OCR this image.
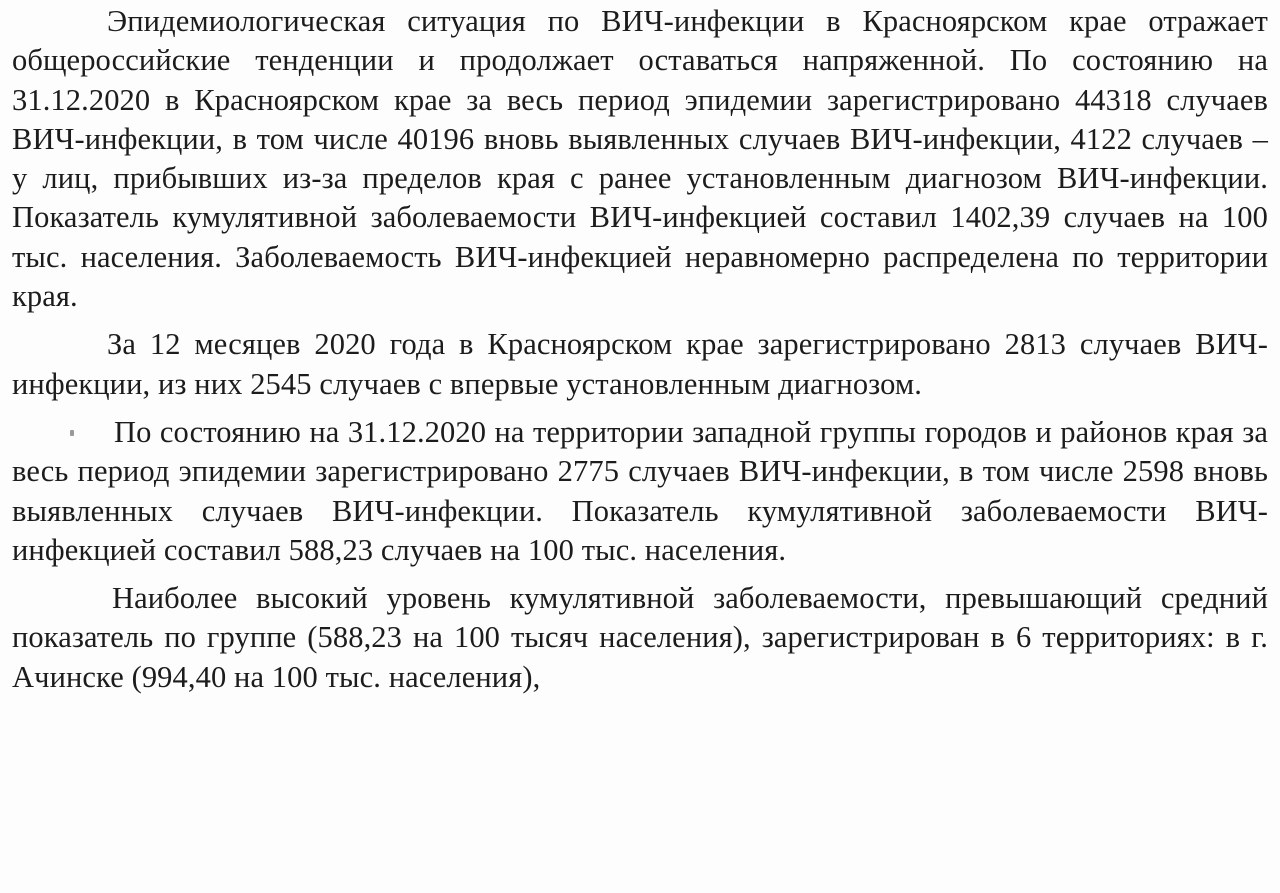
Эпидемиологическая ситуация по ВИЧ-инфекции в Красноярском крае отражает общероссийские тенденции и продолжает оставаться напряженной. По состоянию на 31.12.2020 в Красноярском крае за весь период эпидемии зарегистрировано 44318 случаев ВИЧ-инфекции, в том числе 40196 вновь выявленных случаев ВИЧ-инфекции, 4122 случаев – у лиц, прибывших из-за пределов края с ранее установленным диагнозом ВИЧ-инфекции. Показатель кумулятивной заболеваемости ВИЧ-инфекцией составил 1402,39 случаев на 100 тыс. населения. Заболеваемость ВИЧ-инфекцией неравномерно распределена по территории края.

За 12 месяцев 2020 года в Красноярском крае зарегистрировано 2813 случаев ВИЧ-инфекции, из них 2545 случаев с впервые установленным диагнозом.

По состоянию на 31.12.2020 на территории западной группы городов и районов края за весь период эпидемии зарегистрировано 2775 случаев ВИЧ-инфекции, в том числе 2598 вновь выявленных случаев ВИЧ-инфекции. Показатель кумулятивной заболеваемости ВИЧ-инфекцией составил 588,23 случаев на 100 тыс. населения.

Наиболее высокий уровень кумулятивной заболеваемости, превышающий средний показатель по группе (588,23 на 100 тысяч населения), зарегистрирован в 6 территориях: в г. Ачинске (994,40 на 100 тыс. населения),
